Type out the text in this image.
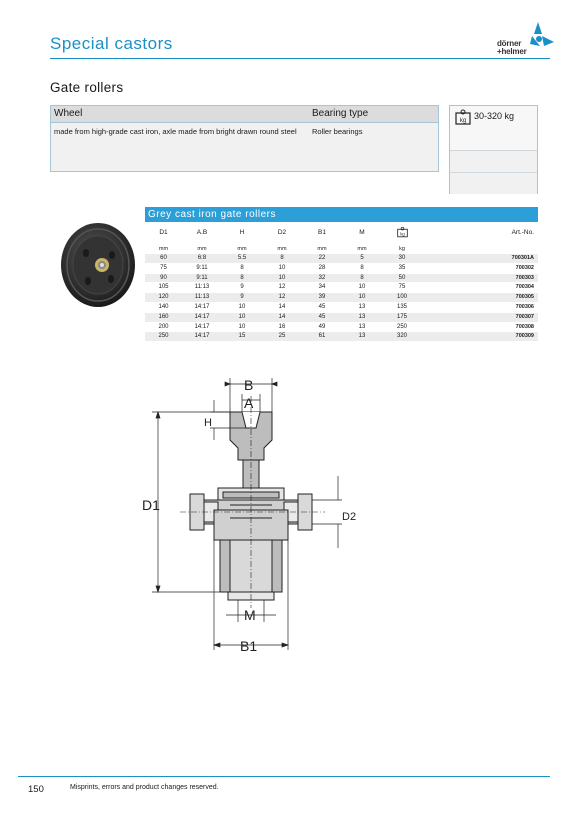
Special castors	dörner
+helmer
Gate rollers
Wheel	Bearing type
made from high-grade cast iron, axle made from bright drawn round steel	Roller bearings
kg 30-320 kg
Grey cast iron gate rollers
D1	A.B	H	D2	B1	M	kg		Art.-No.
mm	mm	mm	mm	mm	mm	kg		
60	6:8	5.5	8	22	5	30		700301A
75	9:11	8	10	28	8	35		700302
90	9:11	8	10	32	8	50		700303
105	11:13	9	12	34	10	75		700304
120	11:13	9	12	39	10	100		700305
140	14:17	10	14	45	13	135		700306
160	14:17	10	14	45	13	175		700307
200	14:17	10	16	49	13	250		700308
250	14:17	15	25	61	13	320		700309
B
A
H
D1
D2
M
B1
150	Misprints, errors and product changes reserved.
